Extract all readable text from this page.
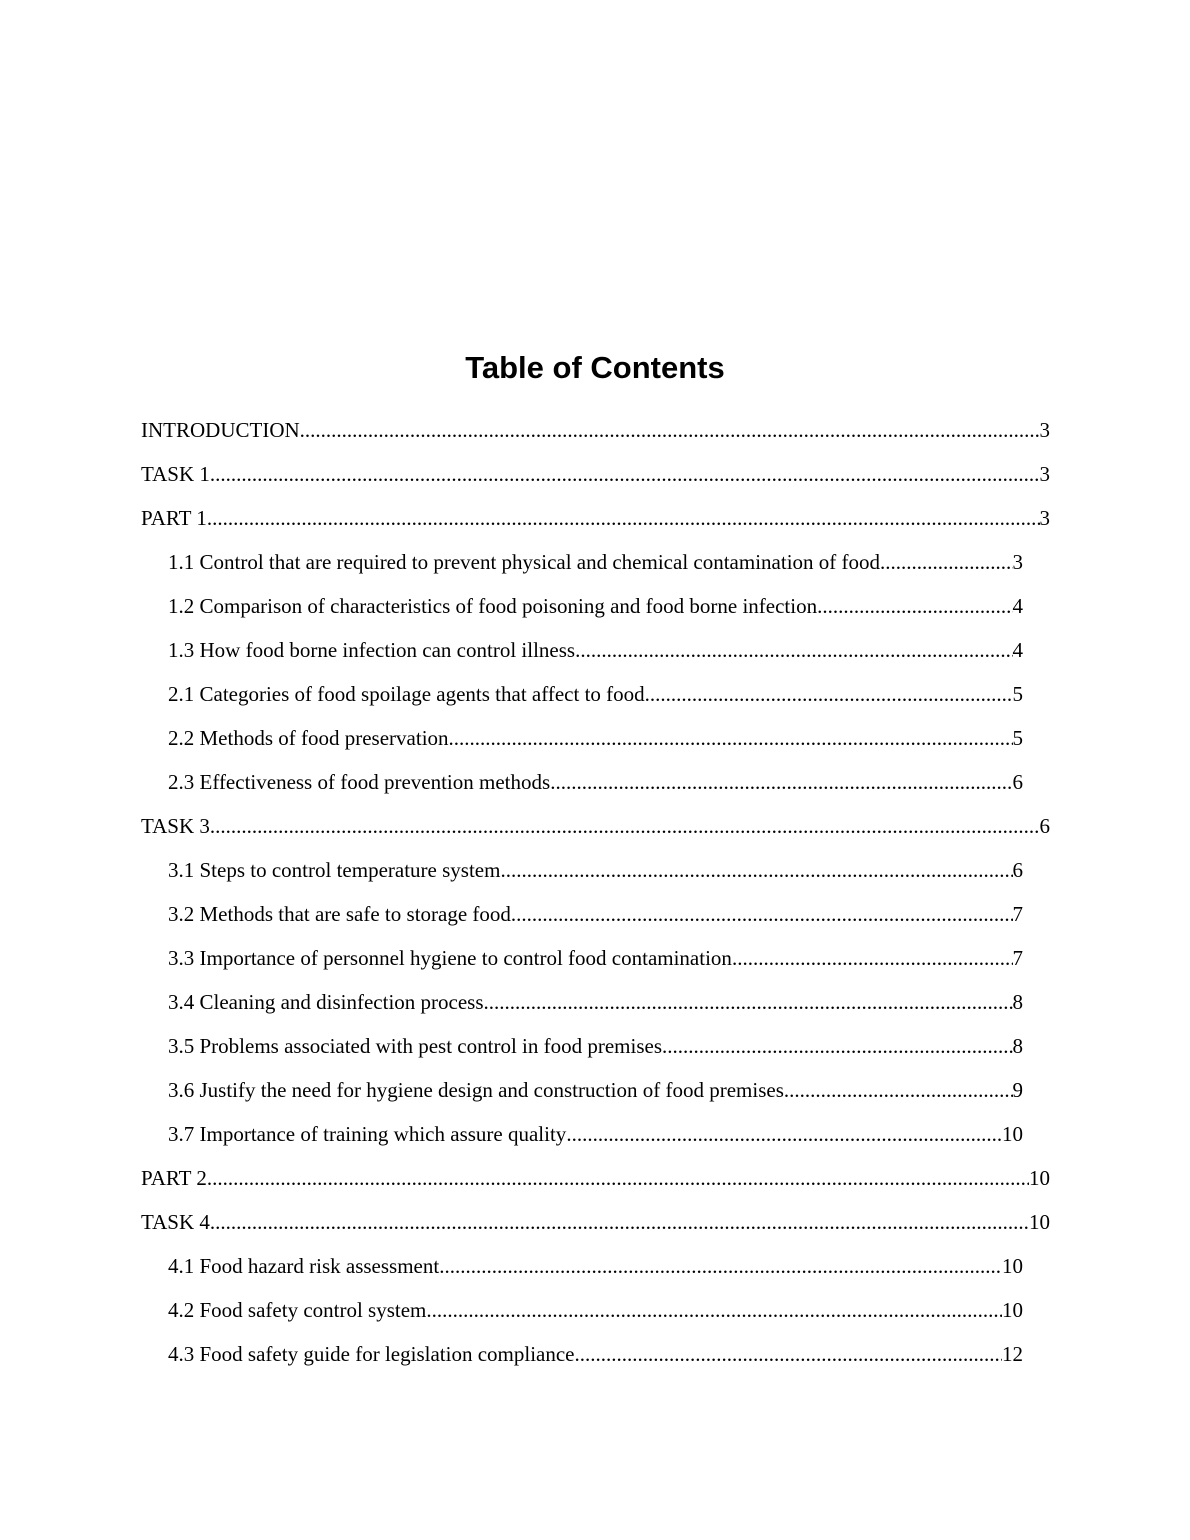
Table of Contents
INTRODUCTION .....	3
TASK 1 .....	3
PART 1 .....	3
1.1 Control that are required to prevent physical and chemical contamination of food .....	3
1.2 Comparison of characteristics of food poisoning and food borne infection .....	4
1.3 How food borne infection can control illness .....	4
2.1 Categories of food spoilage agents that affect to food .....	5
2.2 Methods of food preservation .....	5
2.3 Effectiveness of food prevention methods .....	6
TASK 3 .....	6
3.1 Steps to control temperature system .....	6
3.2 Methods that are safe to storage food .....	7
3.3 Importance of personnel hygiene to control food contamination .....	7
3.4 Cleaning and disinfection process .....	8
3.5 Problems associated with pest control in food premises .....	8
3.6 Justify the need for hygiene design and construction of food premises .....	9
3.7 Importance of training which assure quality .....	10
PART 2 .....	10
TASK 4 .....	10
4.1 Food hazard risk assessment .....	10
4.2 Food safety control system .....	10
4.3 Food safety guide for legislation compliance .....	12
